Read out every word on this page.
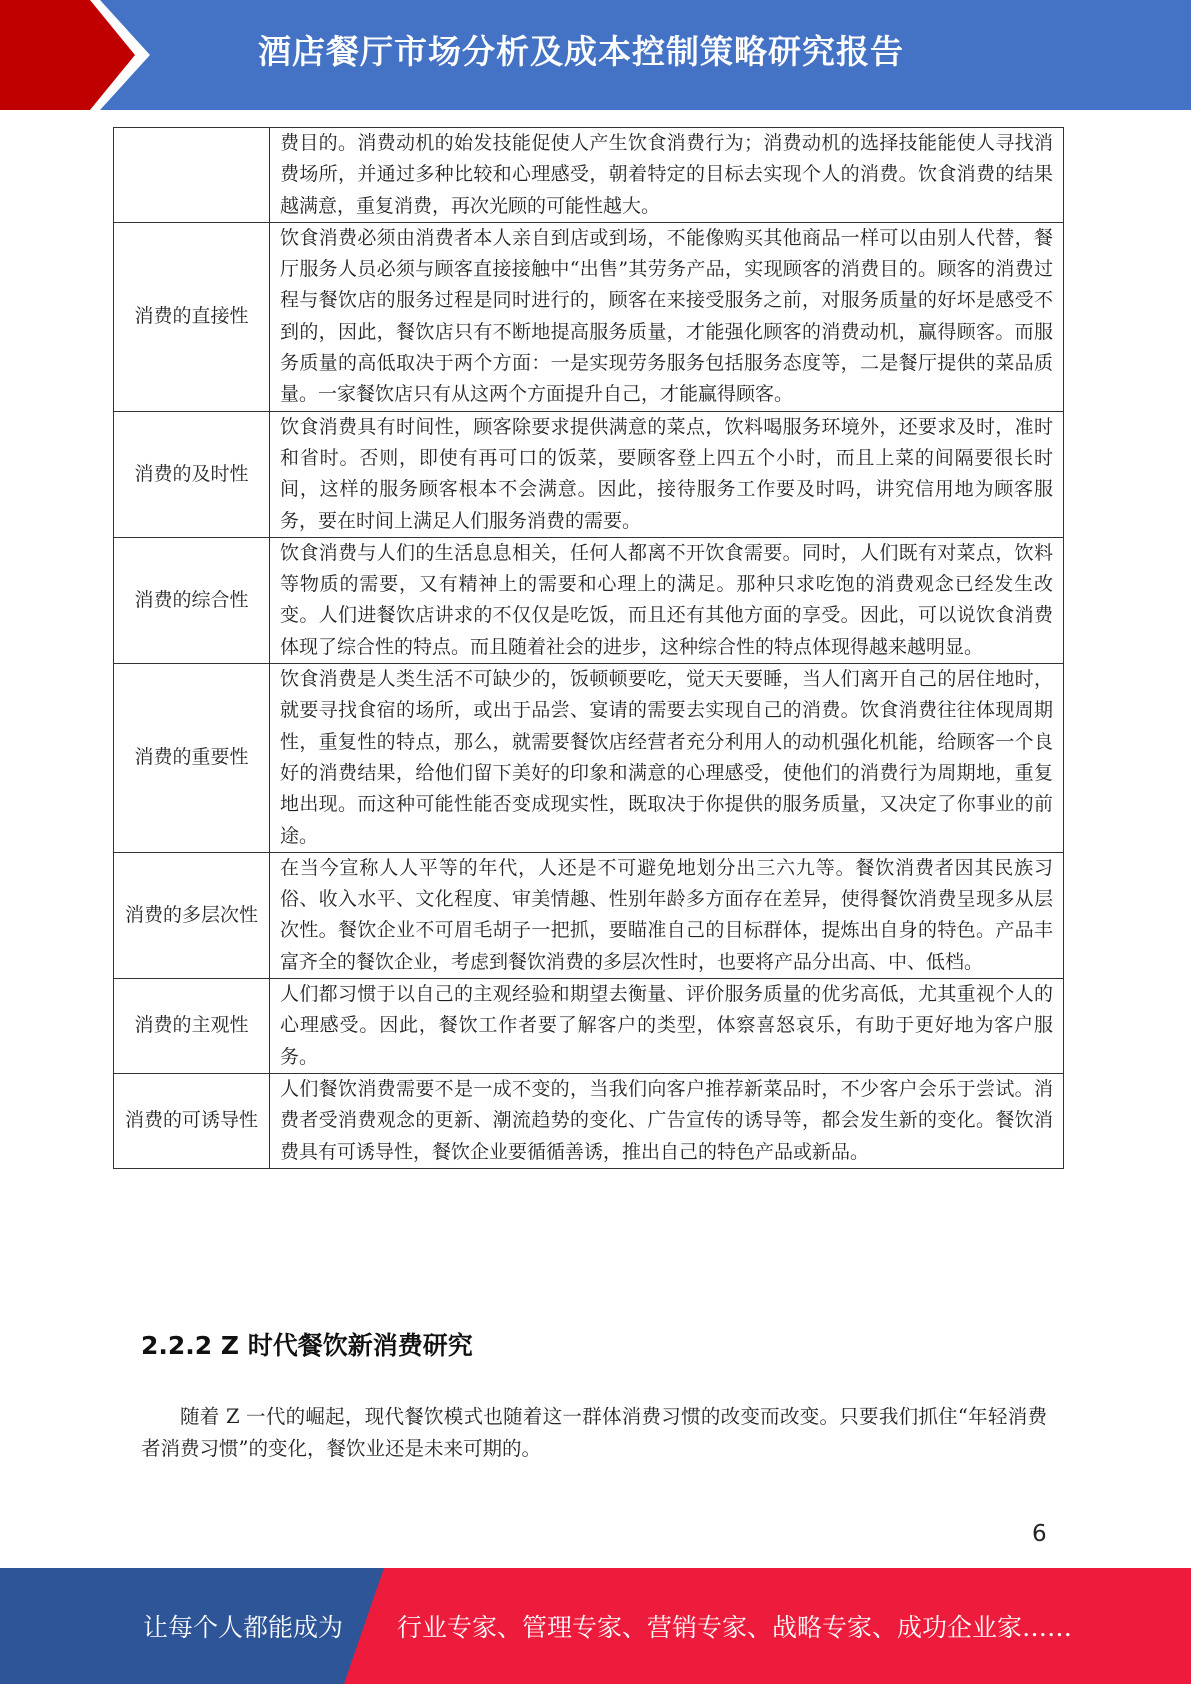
酒店餐厅市场分析及成本控制策略研究报告
	费目的。消费动机的始发技能促使人产生饮食消费行为；消费动机的选择技能能使人寻找消费场所，并通过多种比较和心理感受，朝着特定的目标去实现个人的消费。饮食消费的结果越满意，重复消费，再次光顾的可能性越大。
消费的直接性	饮食消费必须由消费者本人亲自到店或到场，不能像购买其他商品一样可以由别人代替，餐厅服务人员必须与顾客直接接触中“出售”其劳务产品，实现顾客的消费目的。顾客的消费过程与餐饮店的服务过程是同时进行的，顾客在来接受服务之前，对服务质量的好坏是感受不到的，因此，餐饮店只有不断地提高服务质量，才能强化顾客的消费动机，赢得顾客。而服务质量的高低取决于两个方面：一是实现劳务服务包括服务态度等，二是餐厅提供的菜品质量。一家餐饮店只有从这两个方面提升自己，才能赢得顾客。
消费的及时性	饮食消费具有时间性，顾客除要求提供满意的菜点，饮料喝服务环境外，还要求及时，准时和省时。否则，即使有再可口的饭菜，要顾客登上四五个小时，而且上菜的间隔要很长时间，这样的服务顾客根本不会满意。因此，接待服务工作要及时吗，讲究信用地为顾客服务，要在时间上满足人们服务消费的需要。
消费的综合性	饮食消费与人们的生活息息相关，任何人都离不开饮食需要。同时，人们既有对菜点，饮料等物质的需要，又有精神上的需要和心理上的满足。那种只求吃饱的消费观念已经发生改变。人们进餐饮店讲求的不仅仅是吃饭，而且还有其他方面的享受。因此，可以说饮食消费体现了综合性的特点。而且随着社会的进步，这种综合性的特点体现得越来越明显。
消费的重要性	饮食消费是人类生活不可缺少的，饭顿顿要吃，觉天天要睡，当人们离开自己的居住地时，就要寻找食宿的场所，或出于品尝、宴请的需要去实现自己的消费。饮食消费往往体现周期性，重复性的特点，那么，就需要餐饮店经营者充分利用人的动机强化机能，给顾客一个良好的消费结果，给他们留下美好的印象和满意的心理感受，使他们的消费行为周期地，重复地出现。而这种可能性能否变成现实性，既取决于你提供的服务质量，又决定了你事业的前途。
消费的多层次性	在当今宣称人人平等的年代，人还是不可避免地划分出三六九等。餐饮消费者因其民族习俗、收入水平、文化程度、审美情趣、性别年龄多方面存在差异，使得餐饮消费呈现多从层次性。餐饮企业不可眉毛胡子一把抓，要瞄准自己的目标群体，提炼出自身的特色。产品丰富齐全的餐饮企业，考虑到餐饮消费的多层次性时，也要将产品分出高、中、低档。
消费的主观性	人们都习惯于以自己的主观经验和期望去衡量、评价服务质量的优劣高低，尤其重视个人的心理感受。因此，餐饮工作者要了解客户的类型，体察喜怒哀乐，有助于更好地为客户服务。
消费的可诱导性	人们餐饮消费需要不是一成不变的，当我们向客户推荐新菜品时，不少客户会乐于尝试。消费者受消费观念的更新、潮流趋势的变化、广告宣传的诱导等，都会发生新的变化。餐饮消费具有可诱导性，餐饮企业要循循善诱，推出自己的特色产品或新品。
2.2.2 Z 时代餐饮新消费研究

随着 Z 一代的崛起，现代餐饮模式也随着这一群体消费习惯的改变而改变。只要我们抓住“年轻消费者消费习惯”的变化，餐饮业还是未来可期的。

6
让每个人都能成为 行业专家、管理专家、营销专家、战略专家、成功企业家……
